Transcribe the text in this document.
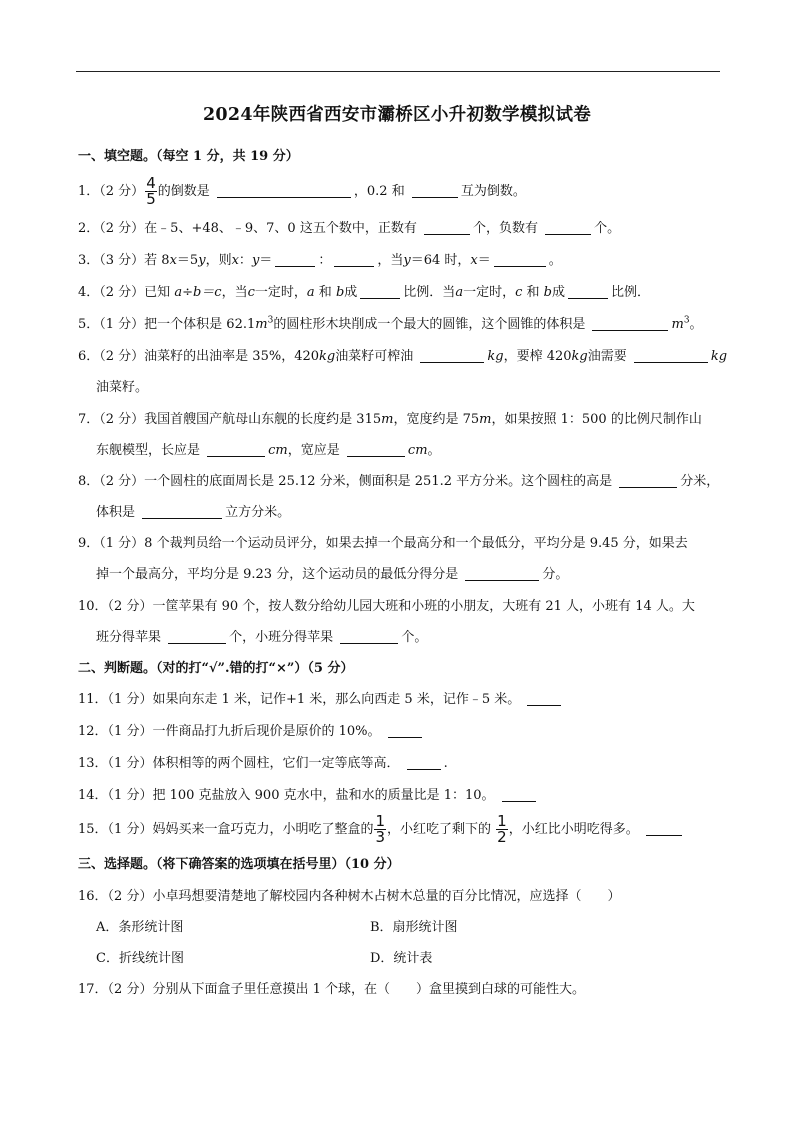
2024年陕西省西安市灞桥区小升初数学模拟试卷
一、填空题。（每空 1 分，共 19 分）
1．（2 分） $\frac{4}{5}$ 的倒数是	，0.2 和	互为倒数。
2．（2 分）在﹣5、+48、﹣9、7、0 这五个数中，正数有	个，负数有	个。
3．（3 分）若 8x＝5y，则x：y＝	：	，当y＝64 时，x＝	。
4．（2 分）已知 a÷b＝c，当c一定时，a 和 b成	比例．当a一定时，c 和 b成	比例．
5．（1 分）把一个体积是 $62.1m^3$的圆柱形木块削成一个最大的圆锥，这个圆锥的体积是	$m^3$。
6．（2 分）油菜籽的出油率是 35%，420kg油菜籽可榨油	kg，要榨 420kg油需要	kg
油菜籽。
7．（2 分）我国首艘国产航母山东舰的长度约是 315m，宽度约是 75m，如果按照 1：500 的比例尺制作山
东舰模型，长应是	cm，宽应是	cm。
8．（2 分）一个圆柱的底面周长是 25.12 分米，侧面积是 251.2 平方分米。这个圆柱的高是	分米，
体积是	立方分米。
9．（1 分）8 个裁判员给一个运动员评分，如果去掉一个最高分和一个最低分，平均分是 9.45 分，如果去
掉一个最高分，平均分是 9.23 分，这个运动员的最低分得分是	分。
10．（2 分）一筐苹果有 90 个，按人数分给幼儿园大班和小班的小朋友，大班有 21 人，小班有 14 人。大
班分得苹果	个，小班分得苹果	个。
二、判断题。（对的打“√”.错的打“×”）（5 分）
11．（1 分）如果向东走 1 米，记作+1 米，那么向西走 5 米，记作﹣5 米。
12．（1 分）一件商品打九折后现价是原价的 10%。
13．（1 分）体积相等的两个圆柱，它们一定等底等高．	.
14．（1 分）把 100 克盐放入 900 克水中，盐和水的质量比是 1：10。
15．（1 分）妈妈买来一盒巧克力，小明吃了整盒的 $\frac{1}{3}$ ，小红吃了剩下的 $\frac{1}{2}$ ，小红比小明吃得多。
三、选择题。（将下确答案的选项填在括号里）（10 分）
16．（2 分）小卓玛想要清楚地了解校园内各种树木占树木总量的百分比情况，应选择（　　）
A．条形统计图	B．扇形统计图
C．折线统计图	D．统计表
17．（2 分）分别从下面盒子里任意摸出 1 个球，在（　　）盒里摸到白球的可能性大。
